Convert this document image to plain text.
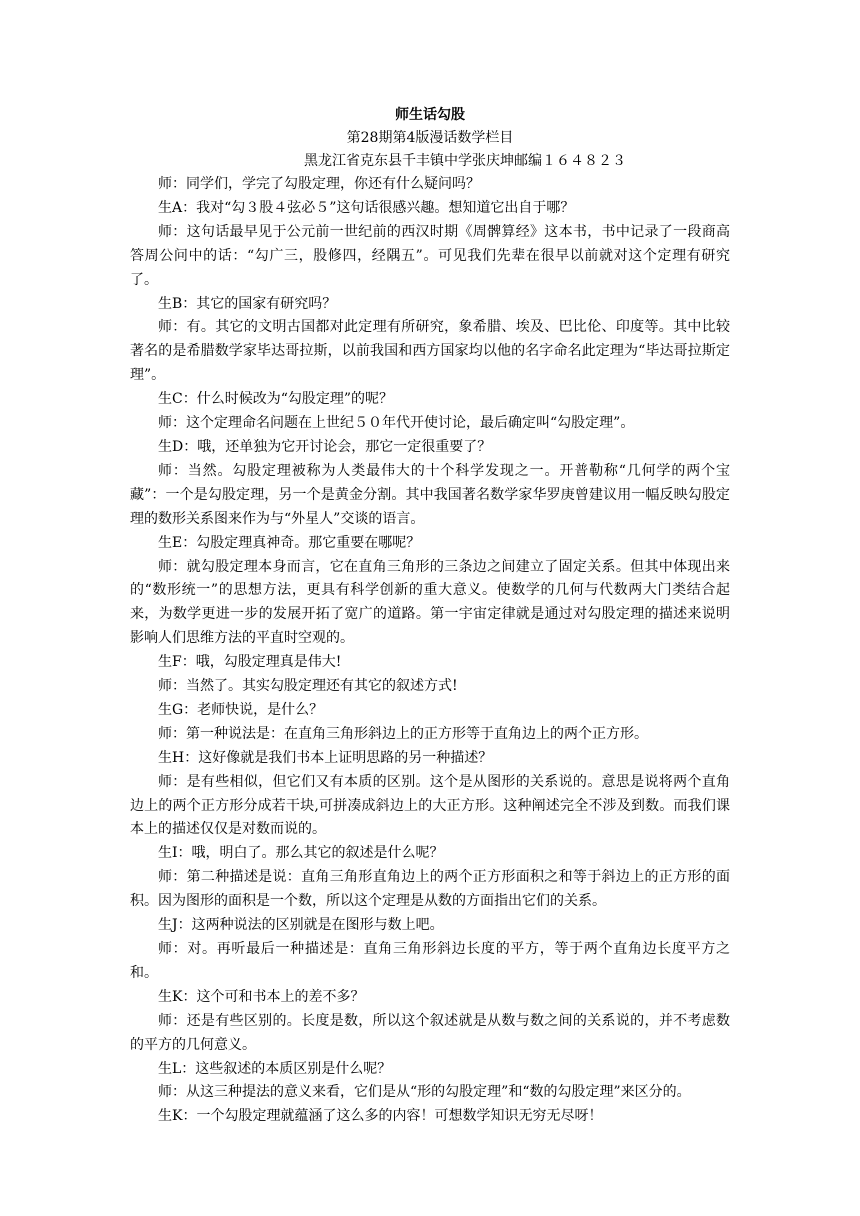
师生话勾股
第28期第4版漫话数学栏目
黑龙江省克东县千丰镇中学张庆坤邮编１６４８２３

师：同学们，学完了勾股定理，你还有什么疑问吗？

生A：我对“勾３股４弦必５”这句话很感兴趣。想知道它出自于哪？

师：这句话最早见于公元前一世纪前的西汉时期《周髀算经》这本书，书中记录了一段商高答周公问中的话：“勾广三，股修四，经隅五”。可见我们先辈在很早以前就对这个定理有研究了。

生B：其它的国家有研究吗？

师：有。其它的文明古国都对此定理有所研究，象希腊、埃及、巴比伦、印度等。其中比较著名的是希腊数学家毕达哥拉斯，以前我国和西方国家均以他的名字命名此定理为“毕达哥拉斯定理”。

生C：什么时候改为“勾股定理”的呢？

师：这个定理命名问题在上世纪５０年代开使讨论，最后确定叫“勾股定理”。

生D：哦，还单独为它开讨论会，那它一定很重要了？

师：当然。勾股定理被称为人类最伟大的十个科学发现之一。开普勒称“几何学的两个宝藏”：一个是勾股定理，另一个是黄金分割。其中我国著名数学家华罗庚曾建议用一幅反映勾股定理的数形关系图来作为与“外星人”交谈的语言。

生E：勾股定理真神奇。那它重要在哪呢？

师：就勾股定理本身而言，它在直角三角形的三条边之间建立了固定关系。但其中体现出来的“数形统一”的思想方法，更具有科学创新的重大意义。使数学的几何与代数两大门类结合起来，为数学更进一步的发展开拓了宽广的道路。第一宇宙定律就是通过对勾股定理的描述来说明影响人们思维方法的平直时空观的。

生F：哦，勾股定理真是伟大!

师：当然了。其实勾股定理还有其它的叙述方式!

生G：老师快说，是什么？

师：第一种说法是：在直角三角形斜边上的正方形等于直角边上的两个正方形。

生H：这好像就是我们书本上证明思路的另一种描述？

师：是有些相似，但它们又有本质的区别。这个是从图形的关系说的。意思是说将两个直角边上的两个正方形分成若干块,可拼凑成斜边上的大正方形。这种阐述完全不涉及到数。而我们课本上的描述仅仅是对数而说的。

生I：哦，明白了。那么其它的叙述是什么呢？

师：第二种描述是说：直角三角形直角边上的两个正方形面积之和等于斜边上的正方形的面积。因为图形的面积是一个数，所以这个定理是从数的方面指出它们的关系。

生J：这两种说法的区别就是在图形与数上吧。

师：对。再听最后一种描述是：直角三角形斜边长度的平方，等于两个直角边长度平方之和。

生K：这个可和书本上的差不多？

师：还是有些区别的。长度是数，所以这个叙述就是从数与数之间的关系说的，并不考虑数的平方的几何意义。

生L：这些叙述的本质区别是什么呢？

师：从这三种提法的意义来看，它们是从“形的勾股定理”和“数的勾股定理”来区分的。

生K：一个勾股定理就蕴涵了这么多的内容！可想数学知识无穷无尽呀！
